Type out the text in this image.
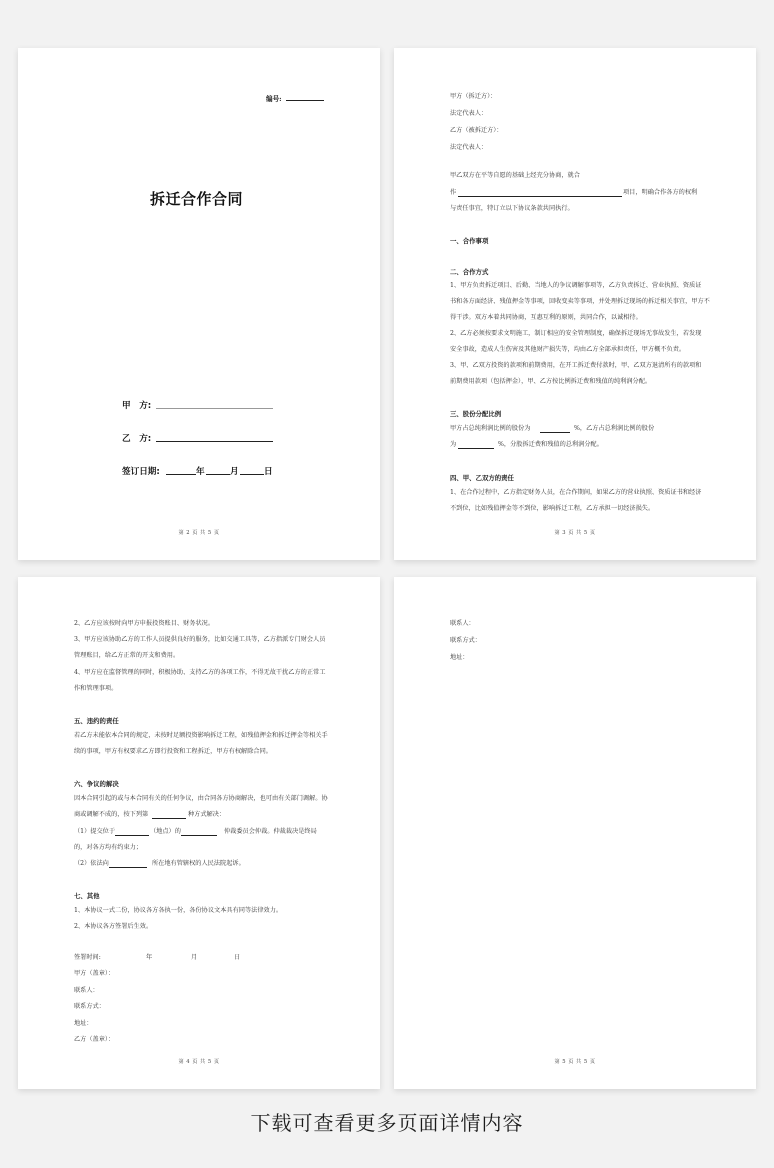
编号:
拆迁合作合同
甲　方:
乙　方:
签订日期:	年	月	日
第 2 页 共 5 页
甲方（拆迁方）：
法定代表人：
乙方（被拆迁方）：
法定代表人：
甲乙双方在平等自愿的基础上经充分协商，就合
作	项目，明确合作各方的权利
与责任事宜，特订立以下协议条款共同执行。
一、合作事项
二、合作方式
1、甲方负责拆迁项目、后勤、当地人的争议调解事项等，乙方负责拆迁、营业执照、资质证
书和各方面经济、残值押金等事项，回收变卖等事项，并处理拆迁现场的拆迁相关事宜，甲方不
得干涉。双方本着共同协商，互惠互利的原则，共同合作，以诚相待。
2、乙方必须按要求文明施工，制订相应的安全管理制度，确保拆迁现场无事故发生，若发现
安全事故，造成人生伤害及其他财产损失等，均由乙方全部承担责任，甲方概不负责。
3、甲、乙双方投资的款项和前期费用，在开工拆迁费付款时，甲、乙双方退清所有的款项和
前期费用款项（包括押金），甲、乙方按比例拆迁费和残值的纯利润分配。
三、股份分配比例
甲方占总纯利润比例的股份为	%，乙方占总利润比例的股份
为	%，分股拆迁费和残值的总利润分配。
四、甲、乙双方的责任
1、在合作过程中，乙方指定财务人员，在合作期间，如果乙方的营业执照、资质证书和经济
不到位，比如残值押金等不到位，影响拆迁工程，乙方承担一切经济损失。
第 3 页 共 5 页
2、乙方应该按时向甲方申报投资账目、财务状况。
3、甲方应该协助乙方的工作人员提供良好的服务，比如交通工具等，乙方指派专门财会人员
管理账目，给乙方正常的开支和费用。
4、甲方应在监督管理的同时，积极协助、支持乙方的各项工作，不得无故干扰乙方的正常工
作和管理事项。
五、违约的责任
若乙方未能依本合同的规定，未按时足额投资影响拆迁工程，如残值押金和拆迁押金等相关手
续的事项，甲方有权要求乙方即行投资和工程拆迁，甲方有权解除合同。
六、争议的解决
因本合同引起的或与本合同有关的任何争议，由合同各方协商解决，也可由有关部门调解。协
商或调解不成的，按下列第	种方式解决：
（1）提交位于	（地点）的	仲裁委员会仲裁。仲裁裁决是终局
的，对各方均有约束力；
（2）依法向	所在地有管辖权的人民法院起诉。
七、其他
1、本协议一式二份，协议各方各执一份，各份协议文本具有同等法律效力。
2、本协议各方签署后生效。
签署时间:	年	月	日
甲方（盖章）：
联系人：
联系方式：
地址：
乙方（盖章）：
第 4 页 共 5 页
联系人：
联系方式：
地址：
第 5 页 共 5 页
下载可查看更多页面详情内容
